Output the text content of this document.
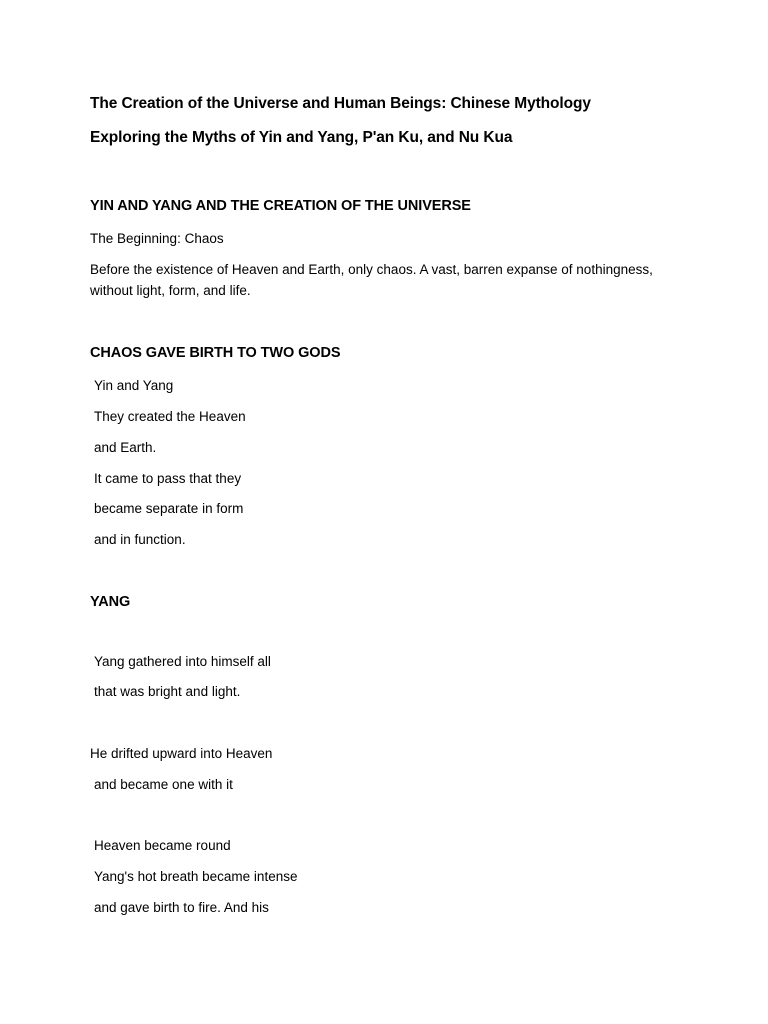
The Creation of the Universe and Human Beings: Chinese Mythology

Exploring the Myths of Yin and Yang, P'an Ku, and Nu Kua

YIN AND YANG AND THE CREATION OF THE UNIVERSE

The Beginning: Chaos

Before the existence of Heaven and Earth, only chaos. A vast, barren expanse of nothingness, without light, form, and life.

CHAOS GAVE BIRTH TO TWO GODS

Yin and Yang

They created the Heaven

and Earth.

It came to pass that they

became separate in form

and in function.

YANG

Yang gathered into himself all

that was bright and light.

He drifted upward into Heaven

and became one with it

Heaven became round

Yang's hot breath became intense

and gave birth to fire. And his
